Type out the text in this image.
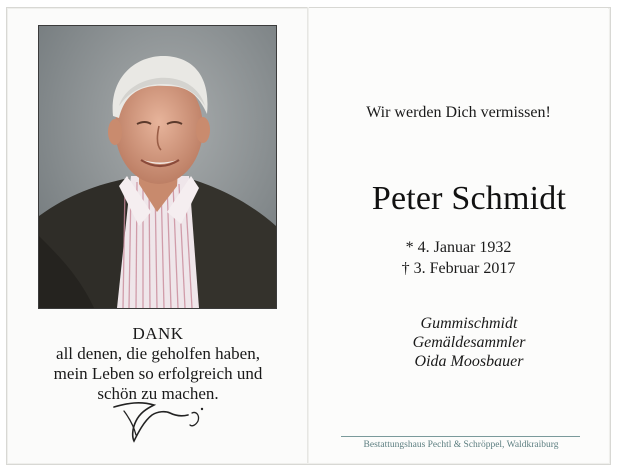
DANK
all denen, die geholfen haben,
mein Leben so erfolgreich und
schön zu machen.
Wir werden Dich vermissen!
Peter Schmidt
* 4. Januar 1932
† 3. Februar 2017
Gummischmidt
Gemäldesammler
Oida Moosbauer
Bestattungshaus Pechtl & Schröppel, Waldkraiburg
